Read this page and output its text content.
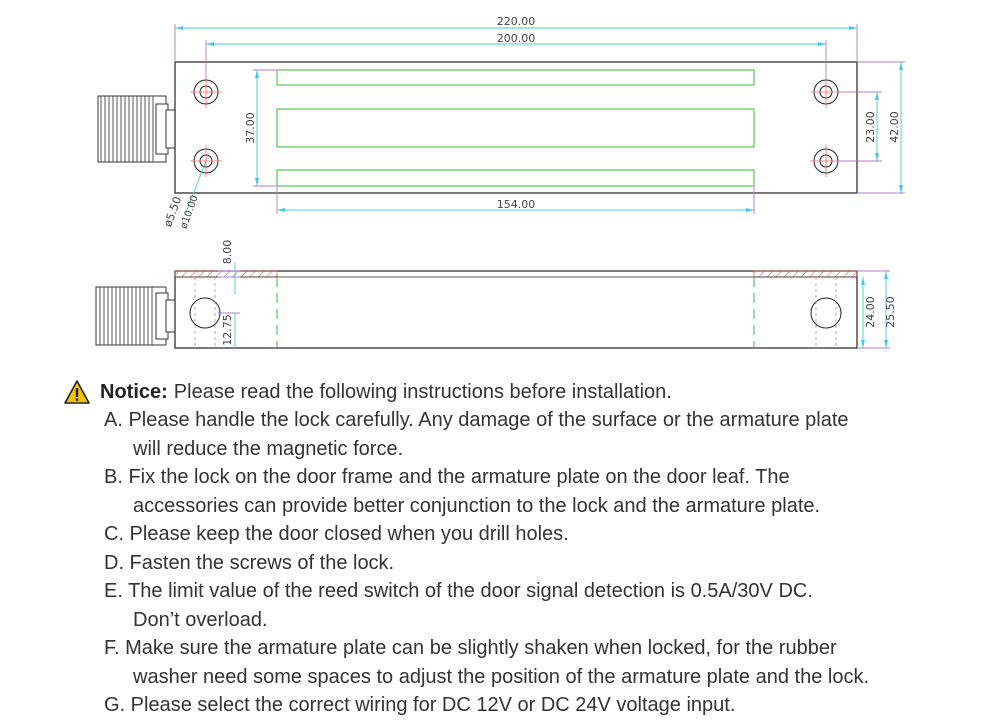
220.00
200.00
37.00
154.00
23.00 42.00
ø5.50
ø10.00
8.00
12.75
24.00 25.50
Notice: Please read the following instructions before installation.
A. Please handle the lock carefully. Any damage of the surface or the armature plate
will reduce the magnetic force.
B. Fix the lock on the door frame and the armature plate on the door leaf. The
accessories can provide better conjunction to the lock and the armature plate.
C. Please keep the door closed when you drill holes.
D. Fasten the screws of the lock.
E. The limit value of the reed switch of the door signal detection is 0.5A/30V DC.
Don’t overload.
F. Make sure the armature plate can be slightly shaken when locked, for the rubber
washer need some spaces to adjust the position of the armature plate and the lock.
G. Please select the correct wiring for DC 12V or DC 24V voltage input.
